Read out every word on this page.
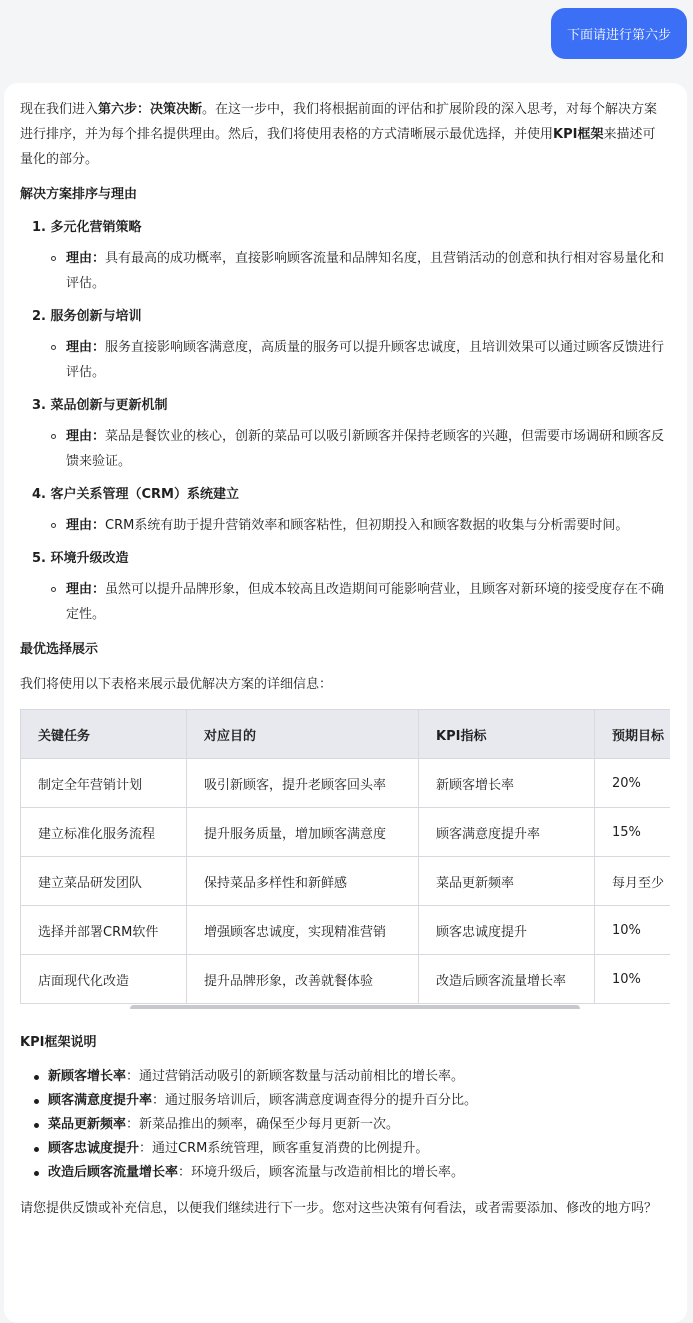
下面请进行第六步

现在我们进入第六步：决策决断。在这一步中，我们将根据前面的评估和扩展阶段的深入思考，对每个解决方案进行排序，并为每个排名提供理由。然后，我们将使用表格的方式清晰展示最优选择，并使用KPI框架来描述可量化的部分。

解决方案排序与理由
1. 多元化营销策略
理由：具有最高的成功概率，直接影响顾客流量和品牌知名度，且营销活动的创意和执行相对容易量化和评估。
2. 服务创新与培训
理由：服务直接影响顾客满意度，高质量的服务可以提升顾客忠诚度，且培训效果可以通过顾客反馈进行评估。
3. 菜品创新与更新机制
理由：菜品是餐饮业的核心，创新的菜品可以吸引新顾客并保持老顾客的兴趣，但需要市场调研和顾客反馈来验证。
4. 客户关系管理（CRM）系统建立
理由：CRM系统有助于提升营销效率和顾客粘性，但初期投入和顾客数据的收集与分析需要时间。
5. 环境升级改造
理由：虽然可以提升品牌形象，但成本较高且改造期间可能影响营业，且顾客对新环境的接受度存在不确定性。
最优选择展示

我们将使用以下表格来展示最优解决方案的详细信息：

关键任务	对应目的	KPI指标	预期目标
制定全年营销计划	吸引新顾客，提升老顾客回头率	新顾客增长率	20%
建立标准化服务流程	提升服务质量，增加顾客满意度	顾客满意度提升率	15%
建立菜品研发团队	保持菜品多样性和新鲜感	菜品更新频率	每月至少
选择并部署CRM软件	增强顾客忠诚度，实现精准营销	顾客忠诚度提升	10%
店面现代化改造	提升品牌形象，改善就餐体验	改造后顾客流量增长率	10%
KPI框架说明
新顾客增长率：通过营销活动吸引的新顾客数量与活动前相比的增长率。
顾客满意度提升率：通过服务培训后，顾客满意度调查得分的提升百分比。
菜品更新频率：新菜品推出的频率，确保至少每月更新一次。
顾客忠诚度提升：通过CRM系统管理，顾客重复消费的比例提升。
改造后顾客流量增长率：环境升级后，顾客流量与改造前相比的增长率。

请您提供反馈或补充信息，以便我们继续进行下一步。您对这些决策有何看法，或者需要添加、修改的地方吗？
